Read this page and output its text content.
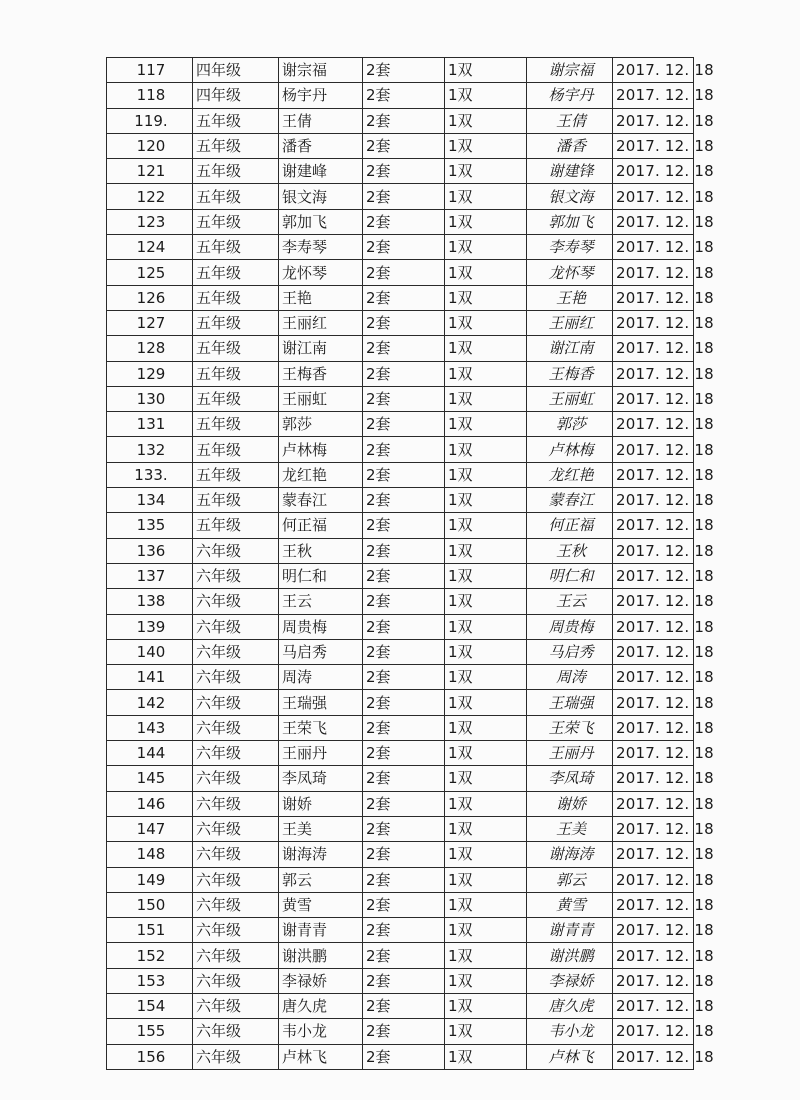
117	四年级	谢宗福	2套	1双	谢宗福	2017. 12. 18
118	四年级	杨宇丹	2套	1双	杨宇丹	2017. 12. 18
119.	五年级	王倩	2套	1双	王倩	2017. 12. 18
120	五年级	潘香	2套	1双	潘香	2017. 12. 18
121	五年级	谢建峰	2套	1双	谢建锋	2017. 12. 18
122	五年级	银文海	2套	1双	银文海	2017. 12. 18
123	五年级	郭加飞	2套	1双	郭加飞	2017. 12. 18
124	五年级	李寿琴	2套	1双	李寿琴	2017. 12. 18
125	五年级	龙怀琴	2套	1双	龙怀琴	2017. 12. 18
126	五年级	王艳	2套	1双	王艳	2017. 12. 18
127	五年级	王丽红	2套	1双	王丽红	2017. 12. 18
128	五年级	谢江南	2套	1双	谢江南	2017. 12. 18
129	五年级	王梅香	2套	1双	王梅香	2017. 12. 18
130	五年级	王丽虹	2套	1双	王丽虹	2017. 12. 18
131	五年级	郭莎	2套	1双	郭莎	2017. 12. 18
132	五年级	卢林梅	2套	1双	卢林梅	2017. 12. 18
133.	五年级	龙红艳	2套	1双	龙红艳	2017. 12. 18
134	五年级	蒙春江	2套	1双	蒙春江	2017. 12. 18
135	五年级	何正福	2套	1双	何正福	2017. 12. 18
136	六年级	王秋	2套	1双	王秋	2017. 12. 18
137	六年级	明仁和	2套	1双	明仁和	2017. 12. 18
138	六年级	王云	2套	1双	王云	2017. 12. 18
139	六年级	周贵梅	2套	1双	周贵梅	2017. 12. 18
140	六年级	马启秀	2套	1双	马启秀	2017. 12. 18
141	六年级	周涛	2套	1双	周涛	2017. 12. 18
142	六年级	王瑞强	2套	1双	王瑞强	2017. 12. 18
143	六年级	王荣飞	2套	1双	王荣飞	2017. 12. 18
144	六年级	王丽丹	2套	1双	王丽丹	2017. 12. 18
145	六年级	李凤琦	2套	1双	李凤琦	2017. 12. 18
146	六年级	谢娇	2套	1双	谢娇	2017. 12. 18
147	六年级	王美	2套	1双	王美	2017. 12. 18
148	六年级	谢海涛	2套	1双	谢海涛	2017. 12. 18
149	六年级	郭云	2套	1双	郭云	2017. 12. 18
150	六年级	黄雪	2套	1双	黄雪	2017. 12. 18
151	六年级	谢青青	2套	1双	谢青青	2017. 12. 18
152	六年级	谢洪鹏	2套	1双	谢洪鹏	2017. 12. 18
153	六年级	李禄娇	2套	1双	李禄娇	2017. 12. 18
154	六年级	唐久虎	2套	1双	唐久虎	2017. 12. 18
155	六年级	韦小龙	2套	1双	韦小龙	2017. 12. 18
156	六年级	卢林飞	2套	1双	卢林飞	2017. 12. 18
